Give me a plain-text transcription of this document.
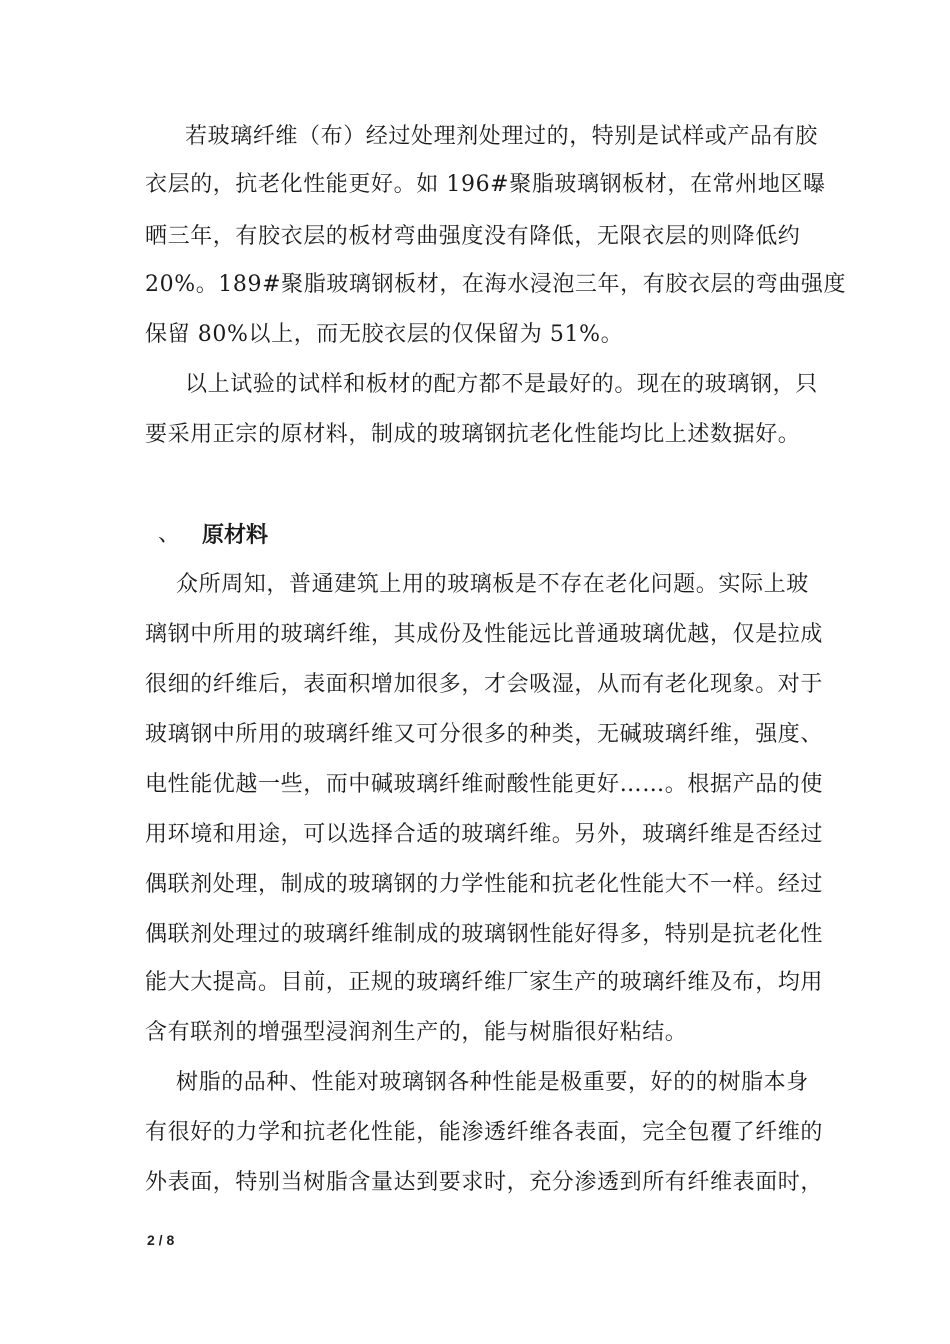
若玻璃纤维（布）经过处理剂处理过的，特别是试样或产品有胶
衣层的，抗老化性能更好。如 196#聚脂玻璃钢板材，在常州地区曝
晒三年，有胶衣层的板材弯曲强度没有降低，无限衣层的则降低约
20%。189#聚脂玻璃钢板材，在海水浸泡三年，有胶衣层的弯曲强度
保留 80%以上，而无胶衣层的仅保留为 51%。
以上试验的试样和板材的配方都不是最好的。现在的玻璃钢，只
要采用正宗的原材料，制成的玻璃钢抗老化性能均比上述数据好。
、 原材料
众所周知，普通建筑上用的玻璃板是不存在老化问题。实际上玻
璃钢中所用的玻璃纤维，其成份及性能远比普通玻璃优越，仅是拉成
很细的纤维后，表面积增加很多，才会吸湿，从而有老化现象。对于
玻璃钢中所用的玻璃纤维又可分很多的种类，无碱玻璃纤维，强度、
电性能优越一些，而中碱玻璃纤维耐酸性能更好……。根据产品的使
用环境和用途，可以选择合适的玻璃纤维。另外，玻璃纤维是否经过
偶联剂处理，制成的玻璃钢的力学性能和抗老化性能大不一样。经过
偶联剂处理过的玻璃纤维制成的玻璃钢性能好得多，特别是抗老化性
能大大提高。目前，正规的玻璃纤维厂家生产的玻璃纤维及布，均用
含有联剂的增强型浸润剂生产的，能与树脂很好粘结。
树脂的品种、性能对玻璃钢各种性能是极重要，好的的树脂本身
有很好的力学和抗老化性能，能渗透纤维各表面，完全包覆了纤维的
外表面，特别当树脂含量达到要求时，充分渗透到所有纤维表面时，
2 / 8
